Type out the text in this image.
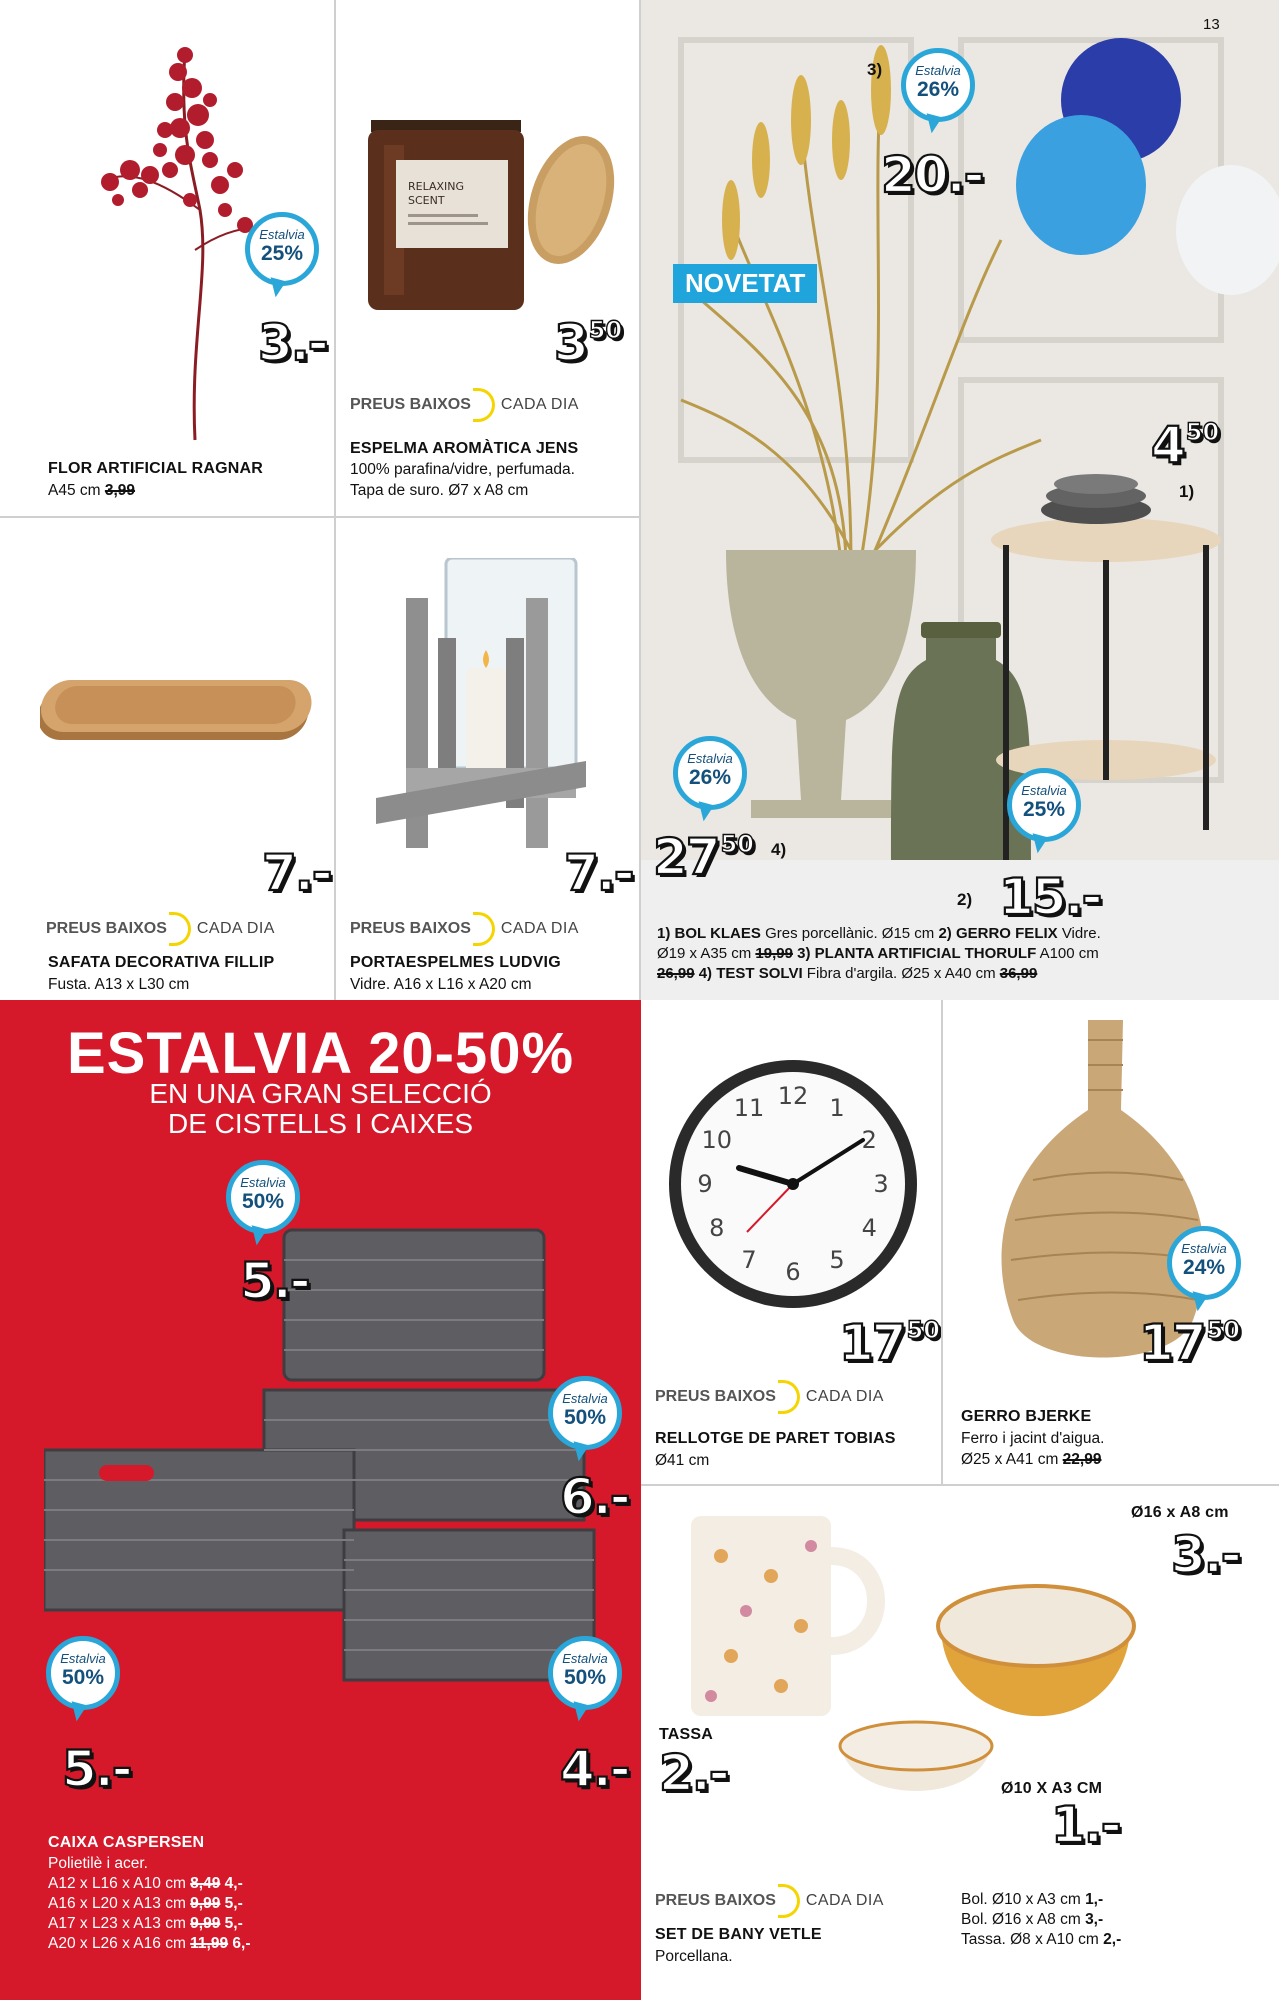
Estalvia
25%
3.-
FLOR ARTIFICIAL RAGNAR
A45 cm 3,99
RELAXING
SCENT
$3^{50}$
PREUS BAIXOS CADA DIA
ESPELMA AROMÀTICA JENS
100% parafina/vidre, perfumada.
Tapa de suro. Ø7 x A8 cm
7.-
PREUS BAIXOS CADA DIA
SAFATA DECORATIVA FILLIP
Fusta. A13 x L30 cm
7.-
PREUS BAIXOS CADA DIA
PORTAESPELMES LUDVIG
Vidre. A16 x L16 x A20 cm
13
NOVETAT
3)	Estalvia
26%
20.-
$4^{50}$
1)
Estalvia
26%
$27^{50}$ 4)
Estalvia
25%
2) 15.-
1) BOL KLAES Gres porcellànic. Ø15 cm 2) GERRO FELIX Vidre.
Ø19 x A35 cm 19,99 3) PLANTA ARTIFICIAL THORULF A100 cm
26,99 4) TEST SOLVI Fibra d'argila. Ø25 x A40 cm 36,99
ESTALVIA 20-50%
EN UNA GRAN SELECCIÓ
DE CISTELLS I CAIXES
Estalvia
50%
5.-
Estalvia
50%
6.-
Estalvia
50%
5.-
Estalvia
50%
4.-
CAIXA CASPERSEN
Polietilè i acer.
A12 x L16 x A10 cm 8,49 4,-
A16 x L20 x A13 cm 9,99 5,-
A17 x L23 x A13 cm 9,99 5,-
A20 x L26 x A16 cm 11,99 6,-
12 1
2
3
4
5
6
7
8
9
10
11
$17^{50}$
PREUS BAIXOS CADA DIA
RELLOTGE DE PARET TOBIAS
Ø41 cm
Estalvia
24%
$17^{50}$
GERRO BJERKE
Ferro i jacint d'aigua.
Ø25 x A41 cm 22,99
Ø16 x A8 cm
3.-
TASSA
2.-	Ø10 X A3 CM
1.-
PREUS BAIXOS CADA DIA
SET DE BANY VETLE
Porcellana.
Bol. Ø10 x A3 cm 1,-
Bol. Ø16 x A8 cm 3,-
Tassa. Ø8 x A10 cm 2,-
